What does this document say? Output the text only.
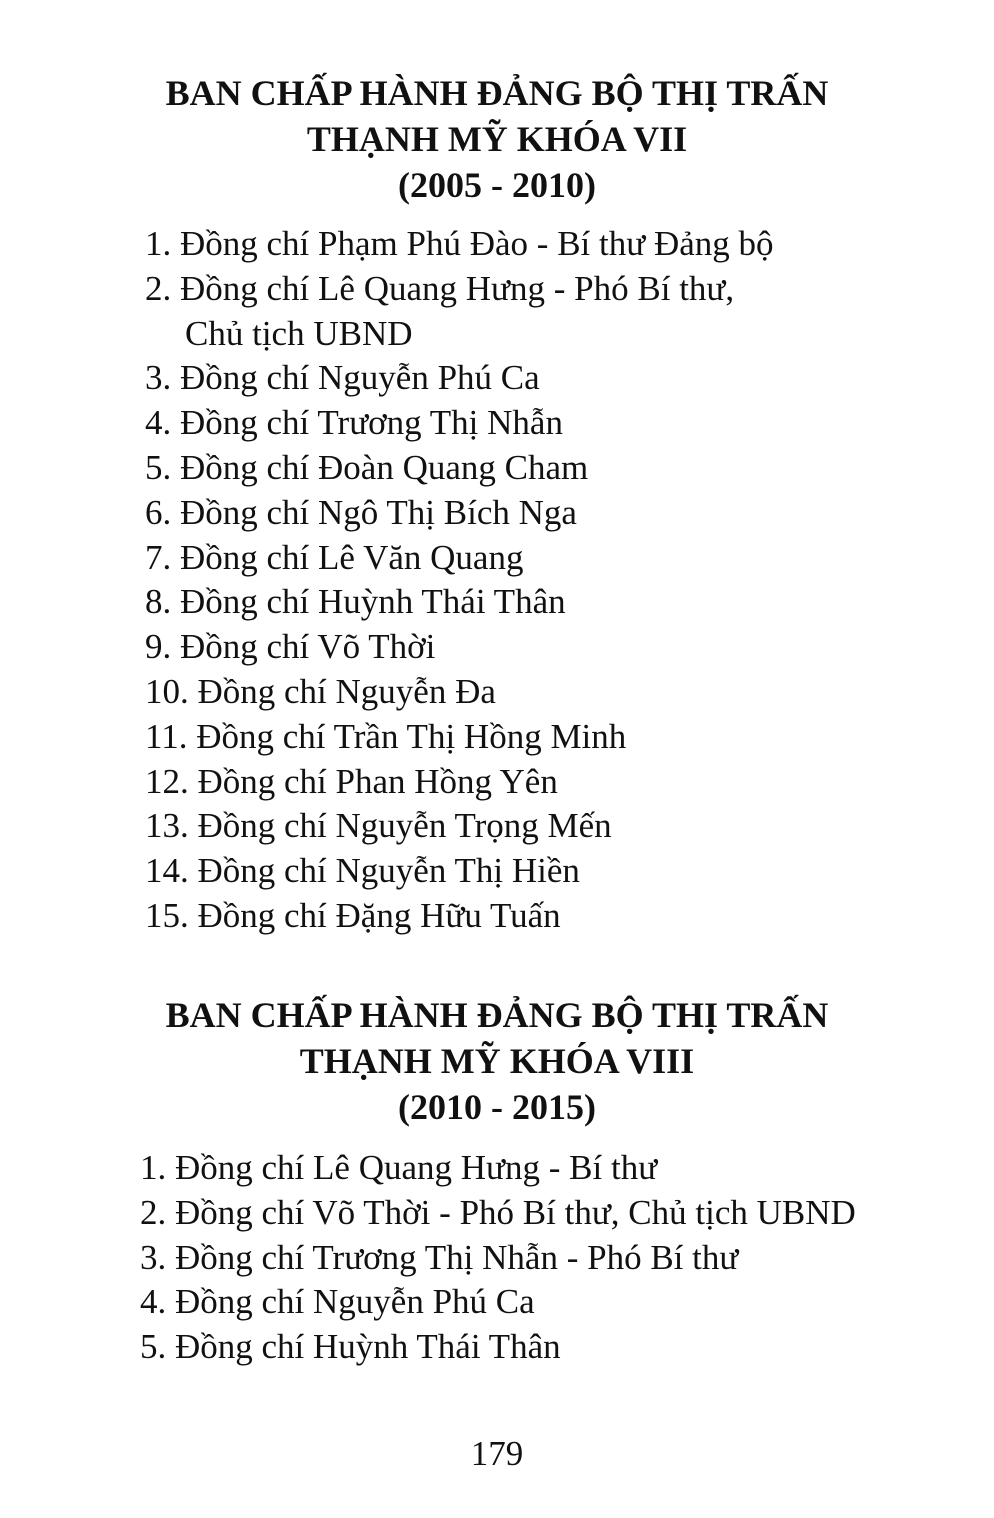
BAN CHẤP HÀNH ĐẢNG BỘ THỊ TRẤN
THẠNH MỸ KHÓA VII
(2005 - 2010)
1. Đồng chí Phạm Phú Đào - Bí thư Đảng bộ
2. Đồng chí Lê Quang Hưng - Phó Bí thư,
Chủ tịch UBND
3. Đồng chí Nguyễn Phú Ca
4. Đồng chí Trương Thị Nhẫn
5. Đồng chí Đoàn Quang Cham
6. Đồng chí Ngô Thị Bích Nga
7. Đồng chí Lê Văn Quang
8. Đồng chí Huỳnh Thái Thân
9. Đồng chí Võ Thời
10. Đồng chí Nguyễn Đa
11. Đồng chí Trần Thị Hồng Minh
12. Đồng chí Phan Hồng Yên
13. Đồng chí Nguyễn Trọng Mến
14. Đồng chí Nguyễn Thị Hiền
15. Đồng chí Đặng Hữu Tuấn
BAN CHẤP HÀNH ĐẢNG BỘ THỊ TRẤN
THẠNH MỸ KHÓA VIII
(2010 - 2015)
1. Đồng chí Lê Quang Hưng - Bí thư
2. Đồng chí Võ Thời - Phó Bí thư, Chủ tịch UBND
3. Đồng chí Trương Thị Nhẫn - Phó Bí thư
4. Đồng chí Nguyễn Phú Ca
5. Đồng chí Huỳnh Thái Thân
179
